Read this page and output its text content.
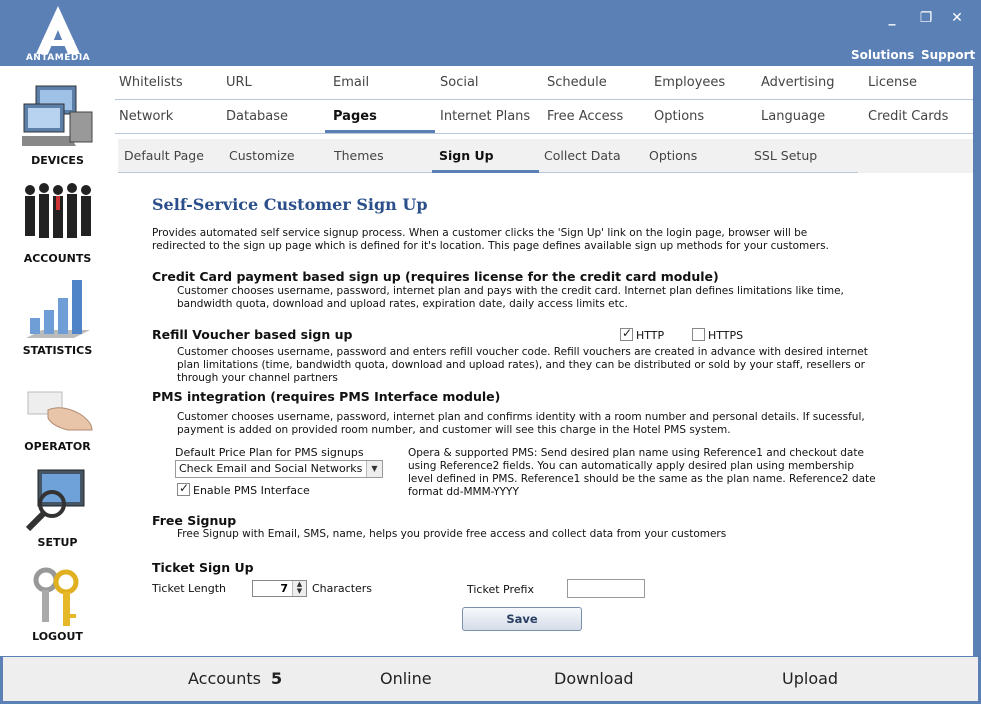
ANTAMEDIA
_	❐ ✕
Solutions Support
DEVICES
ACCOUNTS
STATISTICS
OPERATOR
SETUP
LOGOUT
Whitelists	URL	Email	Social	Schedule	Employees	Advertising	License
Network	Database	Pages	Internet Plans Free Access Options	Language	Credit Cards
Default Page Customize	Themes	Sign Up	Collect Data Options	SSL Setup
Self-Service Customer Sign Up
Provides automated self service signup process. When a customer clicks the 'Sign Up' link on the login page, browser will be redirected to the sign up page which is defined for it's location. This page defines available sign up methods for your customers.
Credit Card payment based sign up (requires license for the credit card module)
Customer chooses username, password, internet plan and pays with the credit card. Internet plan defines limitations like time, bandwidth quota, download and upload rates, expiration date, daily access limits etc.
Refill Voucher based sign up
✓	HTTP	HTTPS
Customer chooses username, password and enters refill voucher code. Refill vouchers are created in advance with desired internet plan limitations (time, bandwidth quota, download and upload rates), and they can be distributed or sold by your staff, resellers or through your channel partners
PMS integration (requires PMS Interface module)
Customer chooses username, password, internet plan and confirms identity with a room number and personal details. If sucessful, payment is added on provided room number, and customer will see this charge in the Hotel PMS system.
Default Price Plan for PMS signups
Check Email and Social Networks	▼
✓
Enable PMS Interface
Opera & supported PMS: Send desired plan name using Reference1 and checkout date using Reference2 fields. You can automatically apply desired plan using membership level defined in PMS. Reference1 should be the same as the plan name. Reference2 date format dd-MMM-YYYY
Free Signup
Free Signup with Email, SMS, name, helps you provide free access and collect data from your customers
Ticket Sign Up
Ticket Length	7	▲
▼ Characters	Ticket Prefix
Save
Accounts 5	Online	Download	Upload
